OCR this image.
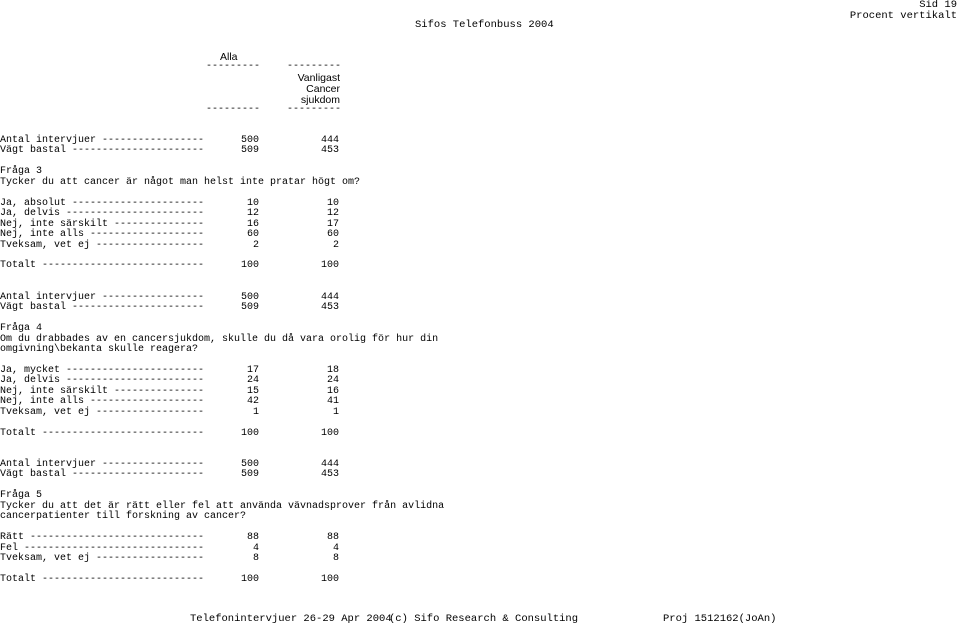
Sifos Telefonbuss 2004
Sid 19
Procent vertikalt
Alla
---------	---------
Vanligast
Cancer
sjukdom
---------	---------
Antal intervjuer -----------------	500	444
Vägt bastal ----------------------	509	453
Fråga 3
Tycker du att cancer är något man helst inte pratar högt om?
Ja, absolut ----------------------	10	10
Ja, delvis -----------------------	12	12
Nej, inte särskilt ---------------	16	17
Nej, inte alls -------------------	60	60
Tveksam, vet ej ------------------	2	2
Totalt ---------------------------	100	100
Antal intervjuer -----------------	500	444
Vägt bastal ----------------------	509	453
Fråga 4
Om du drabbades av en cancersjukdom, skulle du då vara orolig för hur din
omgivning\bekanta skulle reagera?
Ja, mycket -----------------------	17	18
Ja, delvis -----------------------	24	24
Nej, inte särskilt ---------------	15	16
Nej, inte alls -------------------	42	41
Tveksam, vet ej ------------------	1	1
Totalt ---------------------------	100	100
Antal intervjuer -----------------	500	444
Vägt bastal ----------------------	509	453
Fråga 5
Tycker du att det är rätt eller fel att använda vävnadsprover från avlidna
cancerpatienter till forskning av cancer?
Rätt -----------------------------	88	88
Fel ------------------------------	4	4
Tveksam, vet ej ------------------	8	8
Totalt ---------------------------	100	100
Telefonintervjuer 26-29 Apr 2004
(c) Sifo Research & Consulting	Proj 1512162(JoAn)
